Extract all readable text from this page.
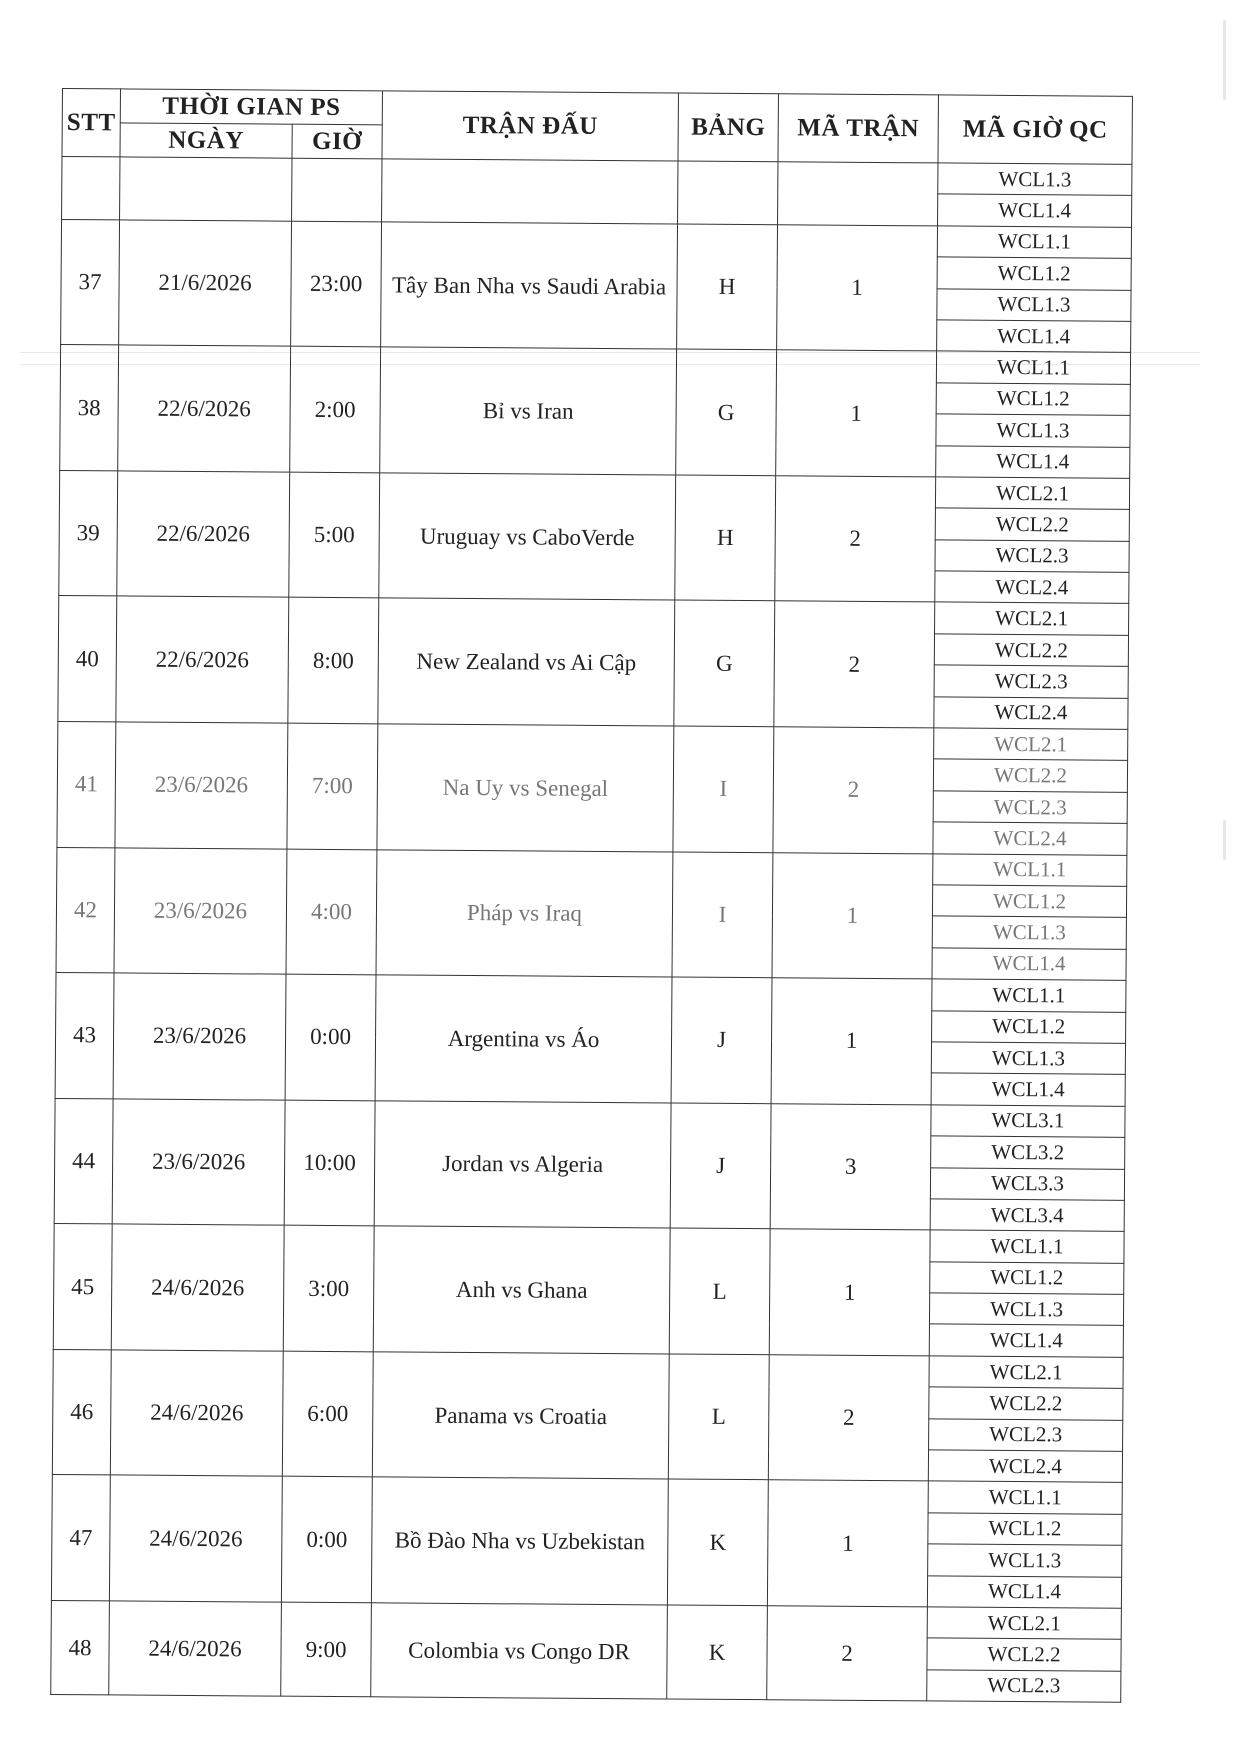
STT	THỜI GIAN PS		TRẬN ĐẤU	BẢNG	MÃ TRẬN	MÃ GIỜ QC
	NGÀY	GIỜ				
						WCL1.3
						WCL1.4
37	21/6/2026	23:00	Tây Ban Nha vs Saudi Arabia	H	1	WCL1.1
						WCL1.2
						WCL1.3
						WCL1.4
38	22/6/2026	2:00	Bỉ vs Iran	G	1	WCL1.1
						WCL1.2
						WCL1.3
						WCL1.4
39	22/6/2026	5:00	Uruguay vs CaboVerde	H	2	WCL2.1
						WCL2.2
						WCL2.3
						WCL2.4
40	22/6/2026	8:00	New Zealand vs Ai Cập	G	2	WCL2.1
						WCL2.2
						WCL2.3
						WCL2.4
41	23/6/2026	7:00	Na Uy vs Senegal	I	2	WCL2.1
						WCL2.2
						WCL2.3
						WCL2.4
42	23/6/2026	4:00	Pháp vs Iraq	I	1	WCL1.1
						WCL1.2
						WCL1.3
						WCL1.4
43	23/6/2026	0:00	Argentina vs Áo	J	1	WCL1.1
						WCL1.2
						WCL1.3
						WCL1.4
44	23/6/2026	10:00	Jordan vs Algeria	J	3	WCL3.1
						WCL3.2
						WCL3.3
						WCL3.4
45	24/6/2026	3:00	Anh vs Ghana	L	1	WCL1.1
						WCL1.2
						WCL1.3
						WCL1.4
46	24/6/2026	6:00	Panama vs Croatia	L	2	WCL2.1
						WCL2.2
						WCL2.3
						WCL2.4
47	24/6/2026	0:00	Bồ Đào Nha vs Uzbekistan	K	1	WCL1.1
						WCL1.2
						WCL1.3
						WCL1.4
48	24/6/2026	9:00	Colombia vs Congo DR	K	2	WCL2.1
						WCL2.2
						WCL2.3
